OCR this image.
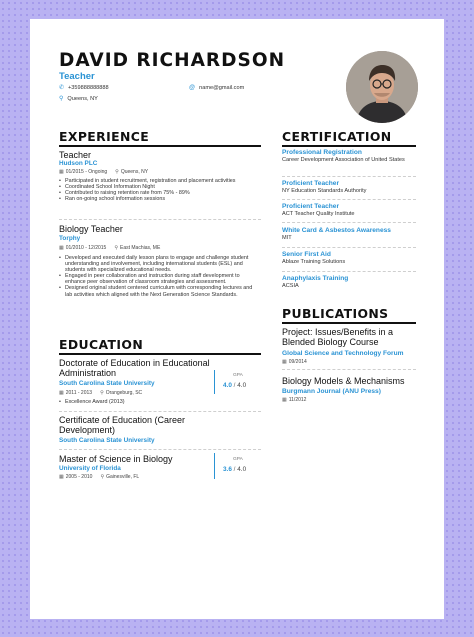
DAVID RICHARDSON
Teacher
✆ +359888888888	@ name@gmail.com
⚲ Queens, NY
EXPERIENCE
Teacher
Hudson PLC
▦ 01/2015 - Ongoing ⚲ Queens, NY
• Participated in student recruitment, registration and placement activities
• Coordinated School Information Night
• Contributed to raising retention rate from 75% - 89%
• Ran on-going school information sessions
Biology Teacher
Torphy
▦ 01/2010 - 12/2015 ⚲ East Machias, ME
• Developed and executed daily lesson plans to engage and challenge student understanding and involvement, including international students (ESL) and students with specialized educational needs.
• Engaged in peer collaboration and instruction during staff development to enhance peer observation of classroom strategies and assessment.
• Designed original student centered curriculum with corresponding lectures and lab activities which aligned with the Next Generation Science Standards.
EDUCATION
Doctorate of Education in Educational Administration
South Carolina State University
▦ 2011 - 2013 ⚲ Orangeburg, SC
• Excellence Award (2013)
GPA
4.0 / 4.0
Certificate of Education (Career Development)
South Carolina State University
Master of Science in Biology
University of Florida
▦ 2005 - 2010 ⚲ Gainesville, FL
GPA
3.6 / 4.0
CERTIFICATION
Professional Registration
Career Development Association of United States
Proficient Teacher
NY Education Standards Authority
Proficient Teacher
ACT Teacher Quality Institute
White Card & Asbestos Awareness
MIT
Senior First Aid
Ablaze Training Solutions
Anaphylaxis Training
ACSIA
PUBLICATIONS
Project: Issues/Benefits in a Blended Biology Course
Global Science and Technology Forum
▦ 09/2014
Biology Models & Mechanisms
Burgmann Journal (ANU Press)
▦ 11/2012
